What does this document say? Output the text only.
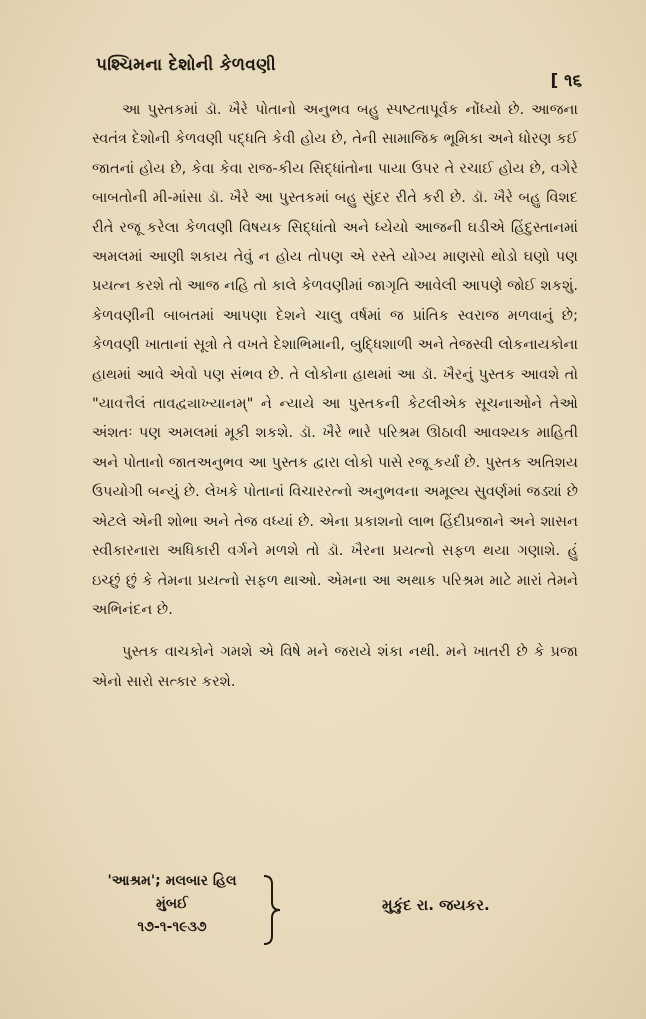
પશ્ચિમના દેશોની કેળવણી
[ ૧૬

આ પુસ્તકમાં ડૉ. ખૈરે પોતાનો અનુભવ બહુ સ્પષ્ટતાપૂર્વક નોંધ્યો છે. આજના સ્વતંત્ર દેશોની કેળવણી પદ્ધતિ કેવી હોય છે, તેની સામાજિક ભૂમિકા અને ધોરણ કઈ જાતનાં હોય છે, કેવા કેવા રાજ-કીય સિદ્ધાંતોના પાયા ઉપર તે રચાઈ હોય છે, વગેરે બાબતોની મી-માંસા ડૉ. ખૈરે આ પુસ્તકમાં બહુ સુંદર રીતે કરી છે. ડૉ. ખૈરે બહુ વિશદ રીતે રજૂ કરેલા કેળવણી વિષયક સિદ્ધાંતો અને ધ્યેયો આજની ઘડીએ હિંદુસ્તાનમાં અમલમાં આણી શકાય તેવું ન હોય તોપણ એ રસ્તે યોગ્ય માણસો થોડો ઘણો પણ પ્રયત્ન કરશે તો આજ નહિ તો કાલે કેળવણીમાં જાગૃતિ આવેલી આપણે જોઈ શકશું. કેળવણીની બાબતમાં આપણા દેશને ચાલુ વર્ષમાં જ પ્રાંતિક સ્વરાજ મળવાનું છે; કેળવણી ખાતાનાં સૂત્રો તે વખતે દેશાભિમાની, બુદ્ધિશાળી અને તેજસ્વી લોકનાયકોના હાથમાં આવે એવો પણ સંભવ છે. તે લોકોના હાથમાં આ ડૉ. ખૈરનું પુસ્તક આવશે તો "યાવત્તૈલં તાવદ્વ્યાખ્યાનમ્" ને ન્યાયે આ પુસ્તકની કેટલીએક સૂચનાઓને તેઓ અંશતઃ પણ અમલમાં મૂકી શકશે. ડૉ. ખૈરે ભારે પરિશ્રમ ઊઠાવી આવશ્યક માહિતી અને પોતાનો જાતઅનુભવ આ પુસ્તક દ્વારા લોકો પાસે રજૂ કર્યાં છે. પુસ્તક અતિશય ઉપયોગી બન્યું છે. લેખકે પોતાનાં વિચારરત્નો અનુભવના અમૂલ્ય સુવર્ણમાં જડ્યાં છે એટલે એની શોભા અને તેજ વધ્યાં છે. એના પ્રકાશનો લાભ હિંદીપ્રજાને અને શાસન સ્વીકારનારા અધિકારી વર્ગને મળશે તો ડૉ. ખૈરના પ્રયત્નો સફળ થયા ગણાશે. હું ઇચ્છું છું કે તેમના પ્રયત્નો સફળ થાઓ. એમના આ અથાક પરિશ્રમ માટે મારાં તેમને અભિનંદન છે.

પુસ્તક વાચકોને ગમશે એ વિષે મને જરાયે શંકા નથી. મને ખાતરી છે કે પ્રજા એનો સારો સત્કાર કરશે.

'આશ્રમ'; મલબાર હિલ
મુંબઈ
૧૭-૧-૧૯૩૭
મુકુંદ રા. જયકર.
